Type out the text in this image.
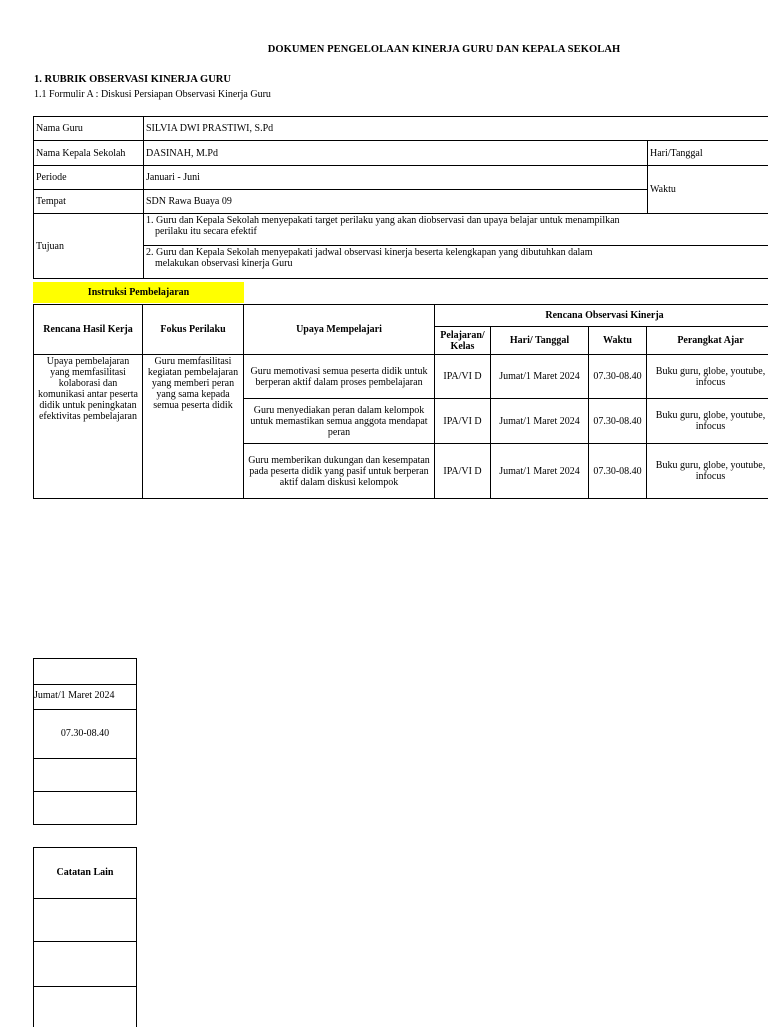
DOKUMEN PENGELOLAAN KINERJA GURU DAN KEPALA SEKOLAH
1. RUBRIK OBSERVASI KINERJA GURU
1.1 Formulir A : Diskusi Persiapan Observasi Kinerja Guru
Nama Guru	SILVIA DWI PRASTIWI, S.Pd	
Nama Kepala Sekolah	DASINAH, M.Pd	Hari/Tanggal
Periode	Januari - Juni	Waktu
Tempat	SDN Rawa Buaya 09	
Tujuan	1. Guru dan Kepala Sekolah menyepakati target perilaku yang akan diobservasi dan upaya belajar untuk menampilkan
perilaku itu secara efektif	

	2. Guru dan Kepala Sekolah menyepakati jadwal observasi kinerja beserta kelengkapan yang dibutuhkan dalam
melakukan observasi kinerja Guru	
Instruksi Pembelajaran
Rencana Hasil Kerja	Fokus Perilaku	Upaya Mempelajari	Rencana Observasi Kinerja			
			Pelajaran/ Kelas	Hari/ Tanggal	Waktu	Perangkat Ajar
Upaya pembelajaran yang memfasilitasi kolaborasi dan komunikasi antar peserta didik untuk peningkatan efektivitas pembelajaran	Guru memfasilitasi kegiatan pembelajaran yang memberi peran yang sama kepada semua peserta didik	Guru memotivasi semua peserta didik untuk berperan aktif dalam proses pembelajaran	IPA/VI D	Jumat/1 Maret 2024	07.30-08.40	Buku guru, globe, youtube, infocus
		Guru menyediakan peran dalam kelompok untuk memastikan semua anggota mendapat peran	IPA/VI D	Jumat/1 Maret 2024	07.30-08.40	Buku guru, globe, youtube, infocus
		Guru memberikan dukungan dan kesempatan pada peserta didik yang pasif untuk berperan aktif dalam diskusi kelompok	IPA/VI D	Jumat/1 Maret 2024	07.30-08.40	Buku guru, globe, youtube, infocus
Jumat/1 Maret 2024
07.30-08.40
Catatan Lain
